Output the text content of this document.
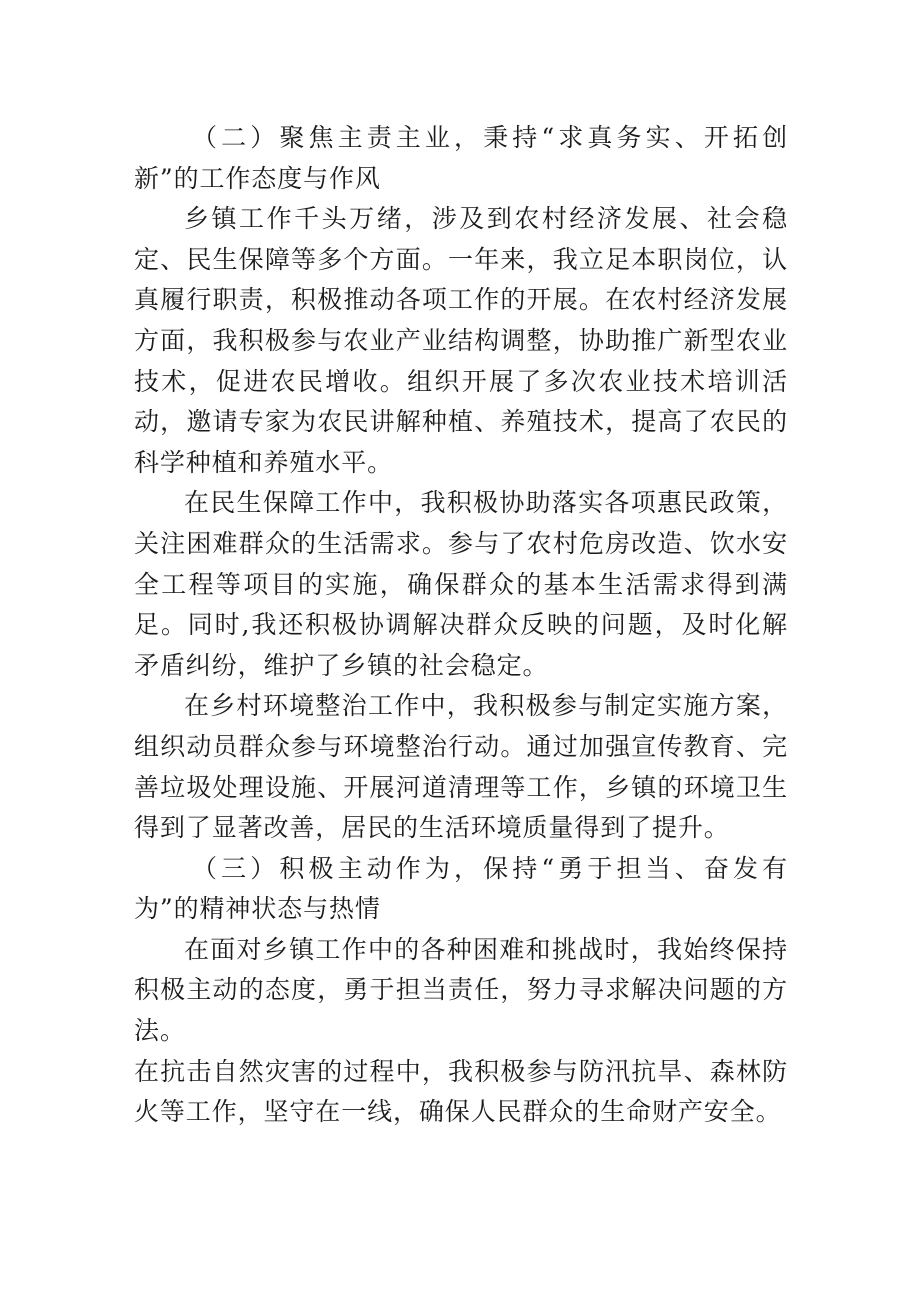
（二）聚焦主责主业，秉持“求真务实、开拓创新”的工作态度与作风

乡镇工作千头万绪，涉及到农村经济发展、社会稳定、民生保障等多个方面。一年来，我立足本职岗位，认真履行职责，积极推动各项工作的开展。在农村经济发展方面，我积极参与农业产业结构调整，协助推广新型农业技术，促进农民增收。组织开展了多次农业技术培训活动，邀请专家为农民讲解种植、养殖技术，提高了农民的科学种植和养殖水平。

在民生保障工作中，我积极协助落实各项惠民政策，关注困难群众的生活需求。参与了农村危房改造、饮水安全工程等项目的实施，确保群众的基本生活需求得到满足。同时,我还积极协调解决群众反映的问题，及时化解矛盾纠纷，维护了乡镇的社会稳定。

在乡村环境整治工作中，我积极参与制定实施方案，组织动员群众参与环境整治行动。通过加强宣传教育、完善垃圾处理设施、开展河道清理等工作，乡镇的环境卫生得到了显著改善，居民的生活环境质量得到了提升。

（三）积极主动作为，保持“勇于担当、奋发有为”的精神状态与热情

在面对乡镇工作中的各种困难和挑战时，我始终保持积极主动的态度，勇于担当责任，努力寻求解决问题的方法。

在抗击自然灾害的过程中，我积极参与防汛抗旱、森林防火等工作，坚守在一线，确保人民群众的生命财产安全。
